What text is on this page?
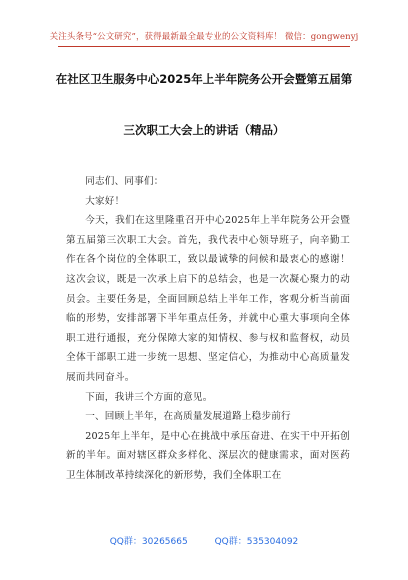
关注头条号“公文研究”，获得最新最全最专业的公文资料库！ 微信：gongwenyj
在社区卫生服务中心2025年上半年院务公开会暨第五届第
三次职工大会上的讲话（精品）

同志们、同事们：

大家好！

今天，我们在这里隆重召开中心2025年上半年院务公开会暨第五届第三次职工大会。首先，我代表中心领导班子，向辛勤工作在各个岗位的全体职工，致以最诚挚的问候和最衷心的感谢！这次会议，既是一次承上启下的总结会，也是一次凝心聚力的动员会。主要任务是，全面回顾总结上半年工作，客观分析当前面临的形势，安排部署下半年重点任务，并就中心重大事项向全体职工进行通报，充分保障大家的知情权、参与权和监督权，动员全体干部职工进一步统一思想、坚定信心，为推动中心高质量发展而共同奋斗。

下面，我讲三个方面的意见。

一、回顾上半年，在高质量发展道路上稳步前行

2025年上半年，是中心在挑战中承压奋进、在实干中开拓创新的半年。面对辖区群众多样化、深层次的健康需求，面对医药卫生体制改革持续深化的新形势，我们全体职工在

QQ群：30265665	QQ群：535304092
